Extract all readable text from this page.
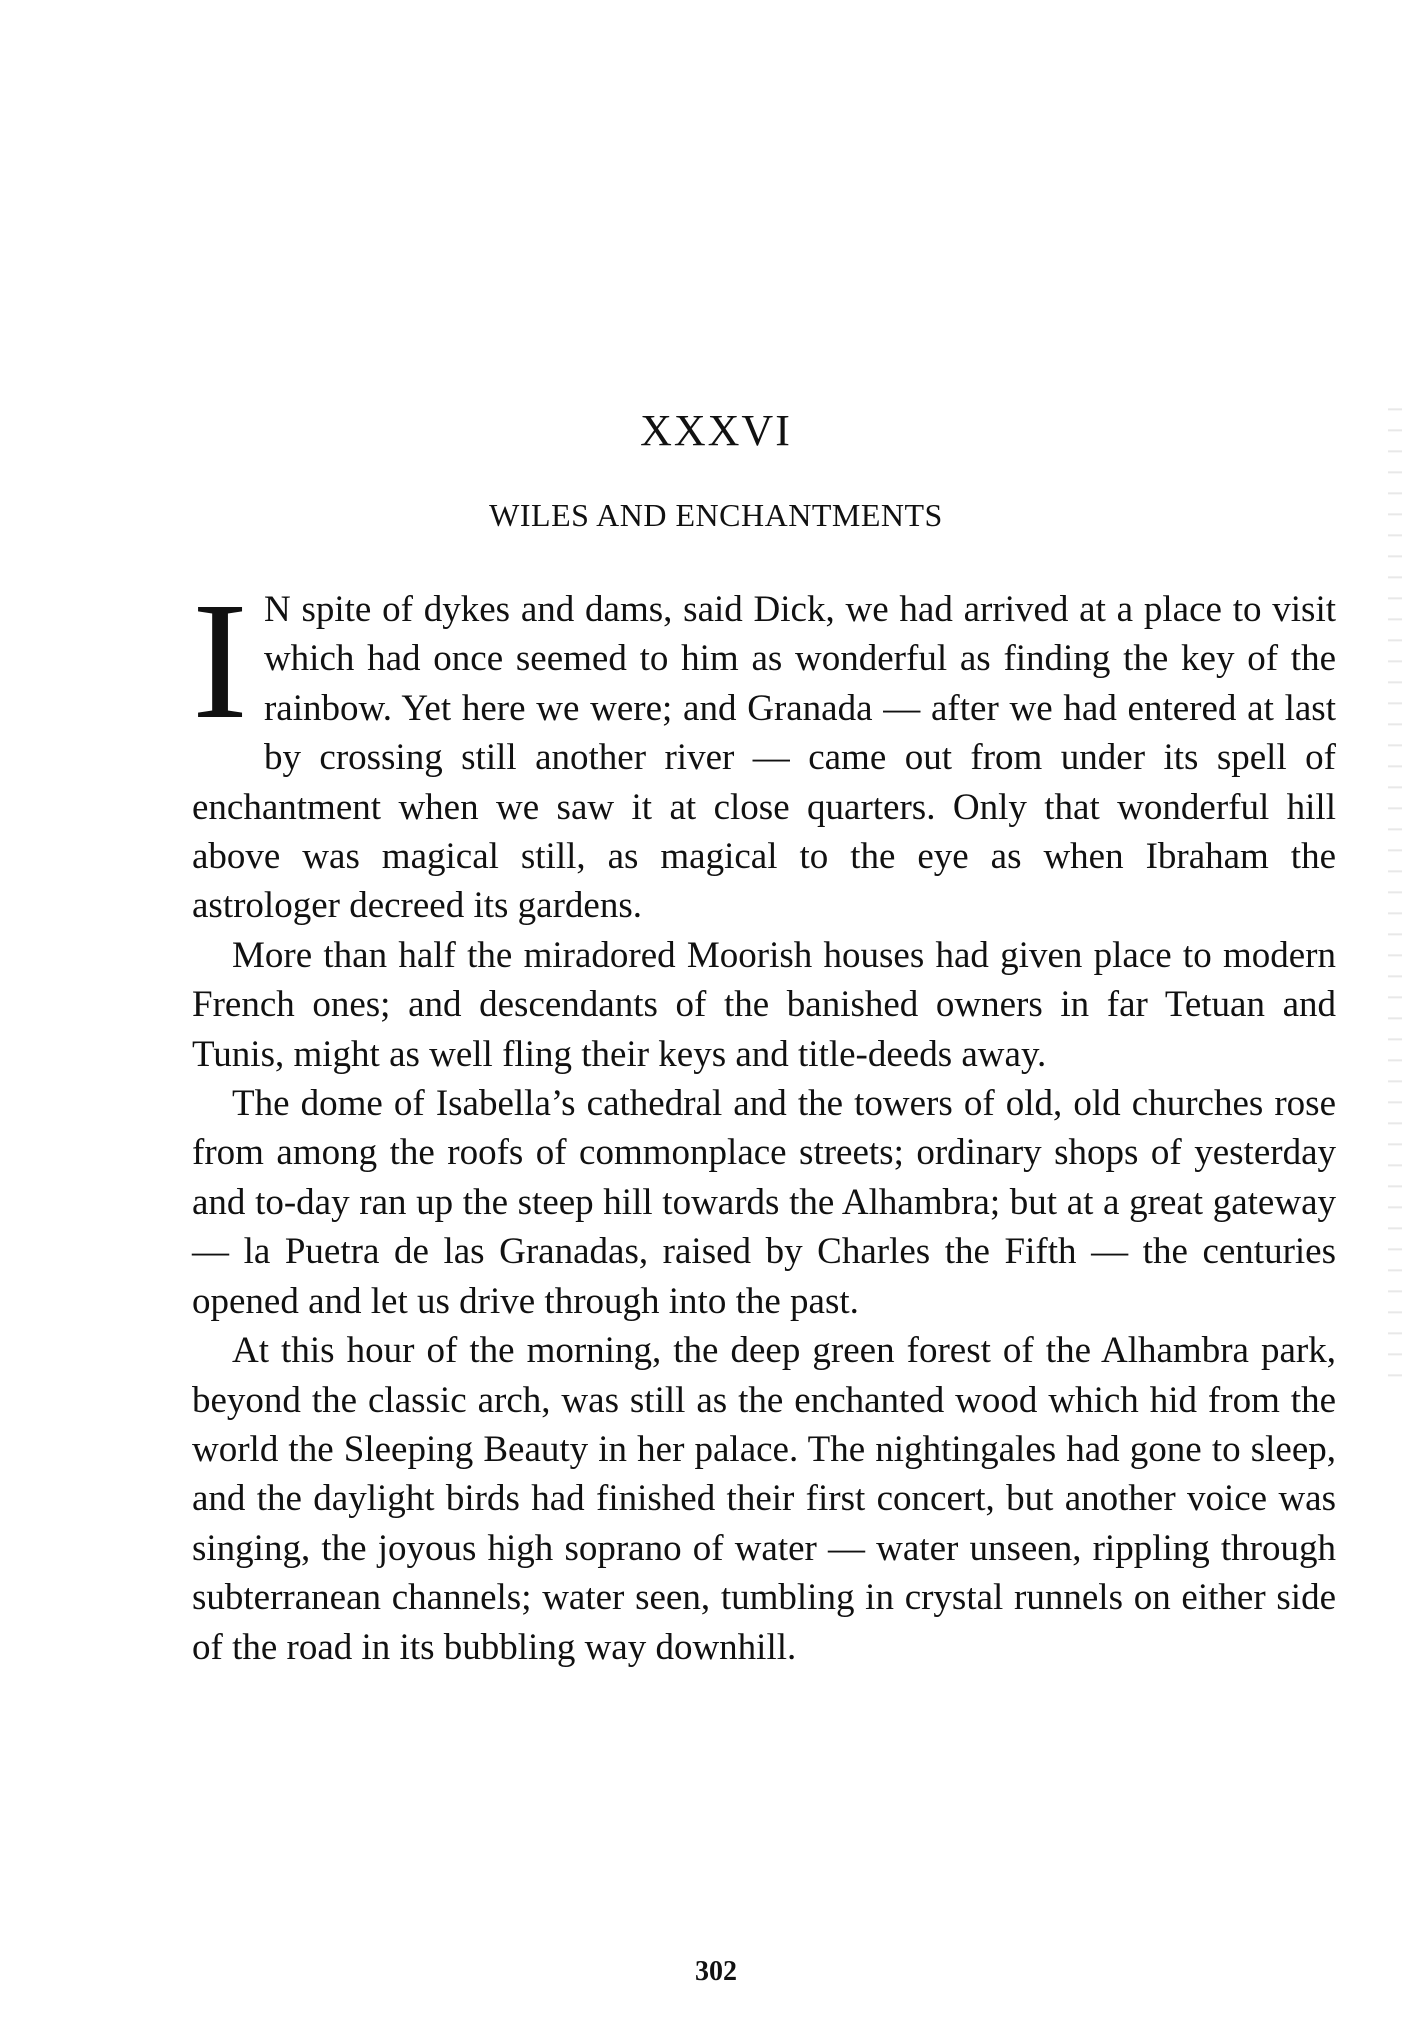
XXXVI
WILES AND ENCHANTMENTS

I N spite of dykes and dams, said Dick, we had arrived at a place to visit which had once seemed to him as wonderful as finding the key of the rainbow. Yet here we were; and Granada — after we had entered at last by crossing still another river — came out from under its spell of enchantment when we saw it at close quarters. Only that wonderful hill above was magical still, as magical to the eye as when Ibraham the astrologer decreed its gardens.

More than half the miradored Moorish houses had given place to modern French ones; and descendants of the banished owners in far Tetuan and Tunis, might as well fling their keys and title-deeds away.

The dome of Isabella’s cathedral and the towers of old, old churches rose from among the roofs of commonplace streets; ordinary shops of yesterday and to-day ran up the steep hill towards the Alhambra; but at a great gateway — la Puetra de las Granadas, raised by Charles the Fifth — the centuries opened and let us drive through into the past.

At this hour of the morning, the deep green forest of the Alhambra park, beyond the classic arch, was still as the enchanted wood which hid from the world the Sleeping Beauty in her palace. The nightingales had gone to sleep, and the daylight birds had finished their first concert, but another voice was singing, the joyous high soprano of water — water unseen, rippling through subterranean channels; water seen, tumbling in crystal runnels on either side of the road in its bubbling way downhill.

302
